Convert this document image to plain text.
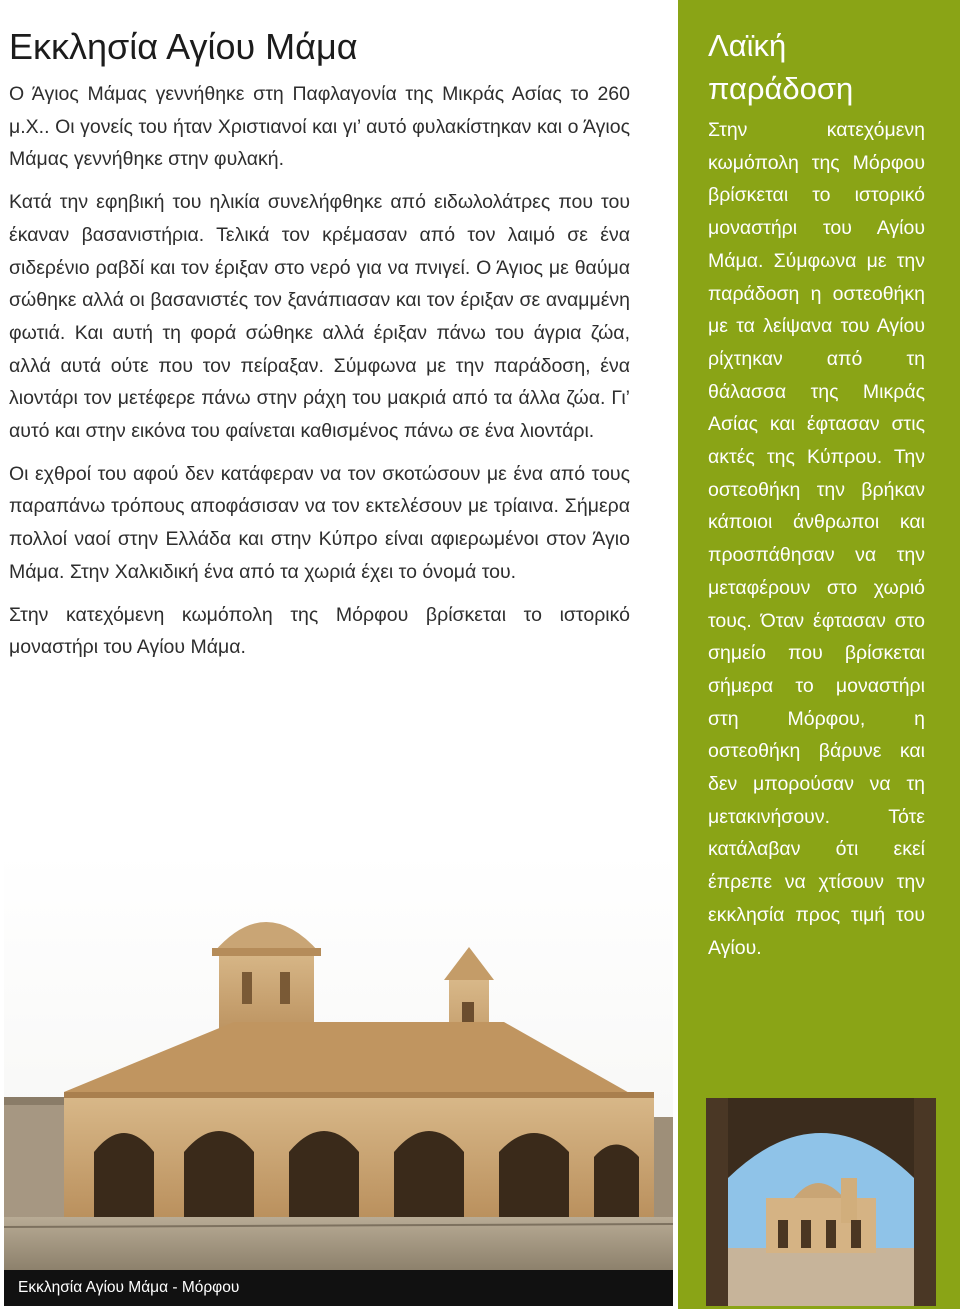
Εκκλησία Αγίου Μάμα

Ο Άγιος Μάμας γεννήθηκε στη Παφλαγονία της Μικράς Ασίας το 260 μ.Χ.. Οι γονείς του ήταν Χριστιανοί και γι’ αυτό φυλακίστηκαν και ο Άγιος Μάμας γεννήθηκε στην φυλακή.

Κατά την εφηβική του ηλικία συνελήφθηκε από ειδωλολάτρες που του έκαναν βασανιστήρια. Τελικά τον κρέμασαν από τον λαιμό σε ένα σιδερένιο ραβδί και τον έριξαν στο νερό για να πνιγεί. Ο Άγιος με θαύμα σώθηκε αλλά οι βασανιστές τον ξανάπιασαν και τον έριξαν σε αναμμένη φωτιά. Και αυτή τη φορά σώθηκε αλλά έριξαν πάνω του άγρια ζώα, αλλά αυτά ούτε που τον πείραξαν. Σύμφωνα με την παράδοση, ένα λιοντάρι τον μετέφερε πάνω στην ράχη του μακριά από τα άλλα ζώα. Γι’ αυτό και στην εικόνα του φαίνεται καθισμένος πάνω σε ένα λιοντάρι.

Οι εχθροί του αφού δεν κατάφεραν να τον σκοτώσουν με ένα από τους παραπάνω τρόπους αποφάσισαν να τον εκτελέσουν με τρίαινα. Σήμερα πολλοί ναοί στην Ελλάδα και στην Κύπρο είναι αφιερωμένοι στον Άγιο Μάμα. Στην Χαλκιδική ένα από τα χωριά έχει το όνομά του.

Στην κατεχόμενη κωμόπολη της Μόρφου βρίσκεται το ιστορικό μοναστήρι του Αγίου Μάμα.

Εκκλησία Αγίου Μάμα - Μόρφου
Λαϊκή παράδοση

Στην κατεχόμενη κωμόπολη της Μόρφου βρίσκεται το ιστορικό μοναστήρι του Αγίου Μάμα. Σύμφωνα με την παράδοση η οστεοθήκη με τα λείψανα του Αγίου ρίχτηκαν από τη θάλασσα της Μικράς Ασίας και έφτασαν στις ακτές της Κύπρου. Την οστεοθήκη την βρήκαν κάποιοι άνθρωποι και προσπάθησαν να την μεταφέρουν στο χωριό τους. Όταν έφτασαν στο σημείο που βρίσκεται σήμερα το μοναστήρι στη Μόρφου, η οστεοθήκη βάρυνε και δεν μπορούσαν να τη μετακινήσουν. Τότε κατάλαβαν ότι εκεί έπρεπε να χτίσουν την εκκλησία προς τιμή του Αγίου.
